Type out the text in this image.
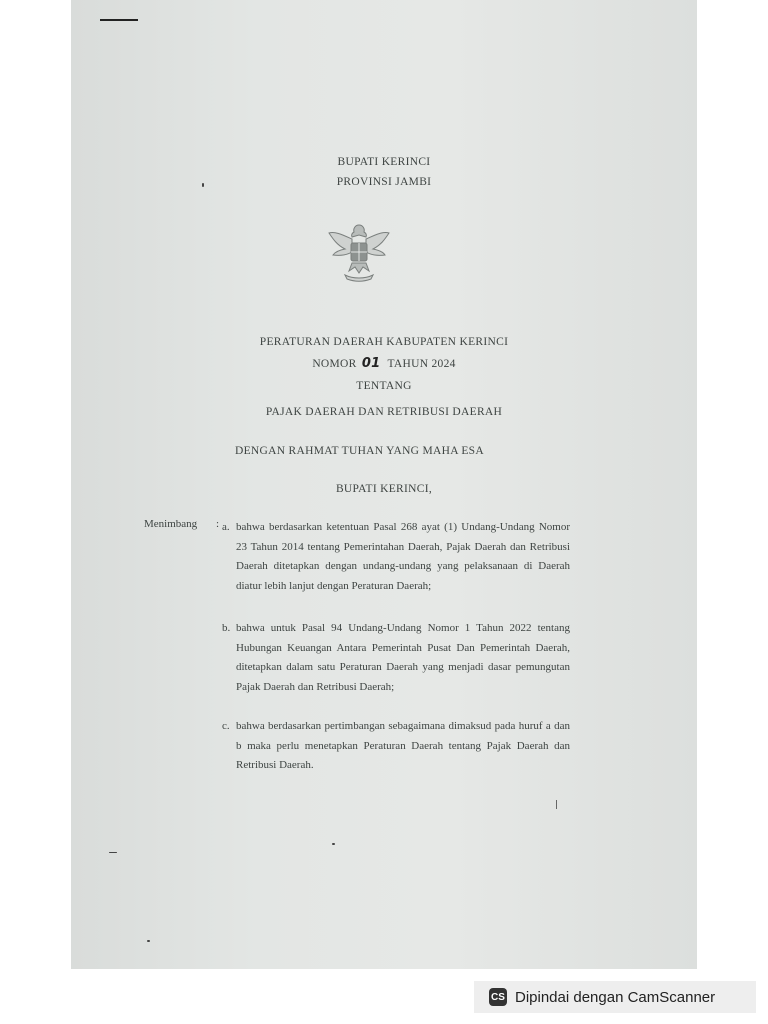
BUPATI KERINCI
PROVINSI JAMBI
PERATURAN DAERAH KABUPATEN KERINCI
NOMOR 01 TAHUN 2024
TENTANG
PAJAK DAERAH DAN RETRIBUSI DAERAH
DENGAN RAHMAT TUHAN YANG MAHA ESA
BUPATI KERINCI,
Menimbang : a. bahwa berdasarkan ketentuan Pasal 268 ayat (1) Undang-Undang Nomor 23 Tahun 2014 tentang Pemerintahan Daerah, Pajak Daerah dan Retribusi Daerah ditetapkan dengan undang-undang yang pelaksanaan di Daerah diatur lebih lanjut dengan Peraturan Daerah;
b. bahwa untuk Pasal 94 Undang-Undang Nomor 1 Tahun 2022 tentang Hubungan Keuangan Antara Pemerintah Pusat Dan Pemerintah Daerah, ditetapkan dalam satu Peraturan Daerah yang menjadi dasar pemungutan Pajak Daerah dan Retribusi Daerah;
c. bahwa berdasarkan pertimbangan sebagaimana dimaksud pada huruf a dan b maka perlu menetapkan Peraturan Daerah tentang Pajak Daerah dan Retribusi Daerah.
CS Dipindai dengan CamScanner
